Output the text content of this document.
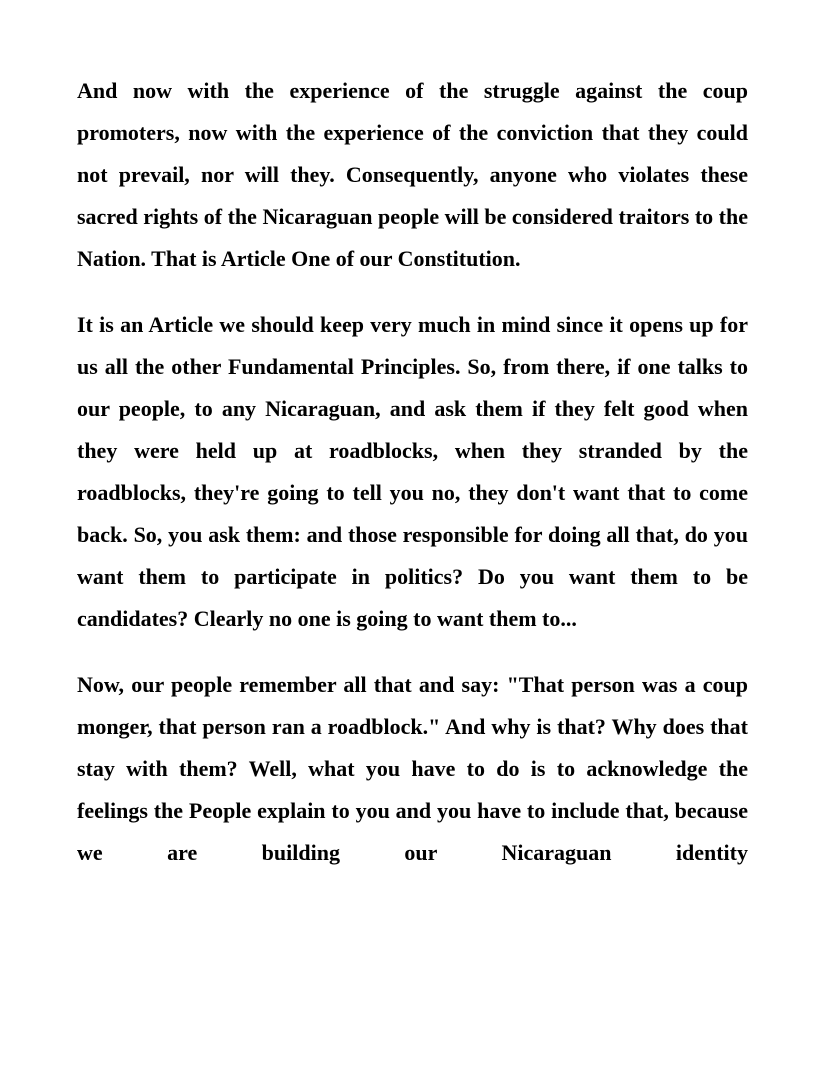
And now with the experience of the struggle against the coup promoters, now with the experience of the conviction that they could not prevail, nor will they. Consequently, anyone who violates these sacred rights of the Nicaraguan people will be considered traitors to the Nation. That is Article One of our Constitution.

It is an Article we should keep very much in mind since it opens up for us all the other Fundamental Principles. So, from there, if one talks to our people, to any Nicaraguan, and ask them if they felt good when they were held up at roadblocks, when they stranded by the roadblocks, they're going to tell you no, they don't want that to come back. So, you ask them: and those responsible for doing all that, do you want them to participate in politics? Do you want them to be candidates? Clearly no one is going to want them to...

Now, our people remember all that and say: "That person was a coup monger, that person ran a roadblock." And why is that? Why does that stay with them? Well, what you have to do is to acknowledge the feelings the People explain to you and you have to include that, because we are building our Nicaraguan identity
